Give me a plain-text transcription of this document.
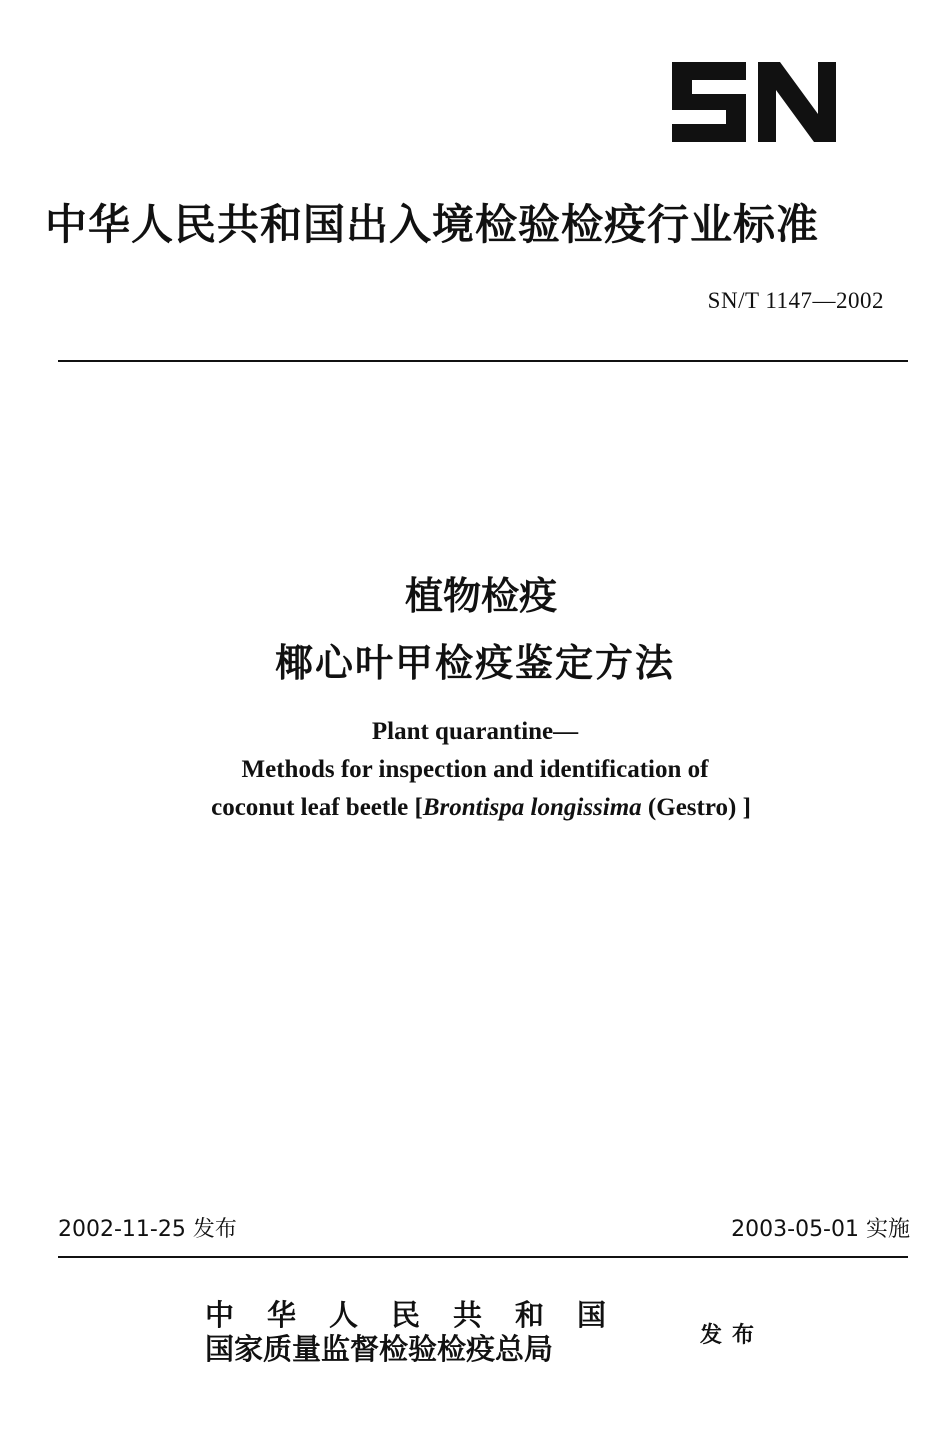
中华人民共和国出入境检验检疫行业标准
SN/T 1147—2002
植物检疫
椰心叶甲检疫鉴定方法
Plant quarantine—
Methods for inspection and identification of
coconut leaf beetle [Brontispa longissima (Gestro) ]
2002-11-25 发布	2003-05-01 实施
中华人民共和国
国家质量监督检验检疫总局	发布
